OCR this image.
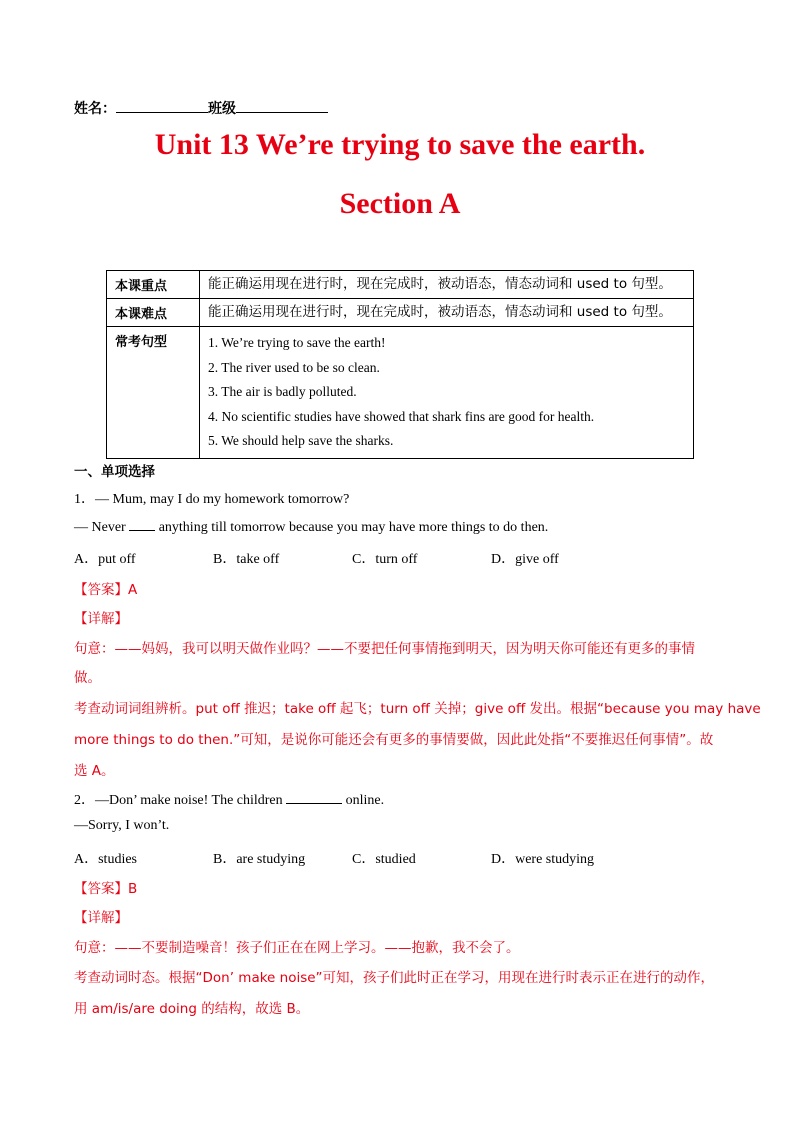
姓名：	班级
Unit 13 We’re trying to save the earth.
Section A
本课重点	能正确运用现在进行时，现在完成时，被动语态，情态动词和 used to 句型。
本课难点	能正确运用现在进行时，现在完成时，被动语态，情态动词和 used to 句型。
常考句型	1. We’re trying to save the earth!
2. The river used to be so clean.
3. The air is badly polluted.
4. No scientific studies have showed that shark fins are good for health.
5. We should help save the sharks.
一、单项选择
1．— Mum, may I do my homework tomorrow?
— Never  anything till tomorrow because you may have more things to do then.
A．put off	B．take off	C．turn off	D．give off
【答案】A
【详解】
句意：——妈妈，我可以明天做作业吗？——不要把任何事情拖到明天，因为明天你可能还有更多的事情
做。
考查动词词组辨析。put off 推迟；take off 起飞；turn off 关掉；give off 发出。根据“because you may have
more things to do then.”可知，是说你可能还会有更多的事情要做，因此此处指“不要推迟任何事情”。故
选 A。
2．—Don’ make noise! The children	online.
—Sorry, I won’t.
A．studies	B．are studying	C．studied	D．were studying
【答案】B
【详解】
句意：——不要制造噪音！孩子们正在在网上学习。——抱歉，我不会了。
考查动词时态。根据“Don’ make noise”可知，孩子们此时正在学习，用现在进行时表示正在进行的动作，
用 am/is/are doing 的结构，故选 B。
